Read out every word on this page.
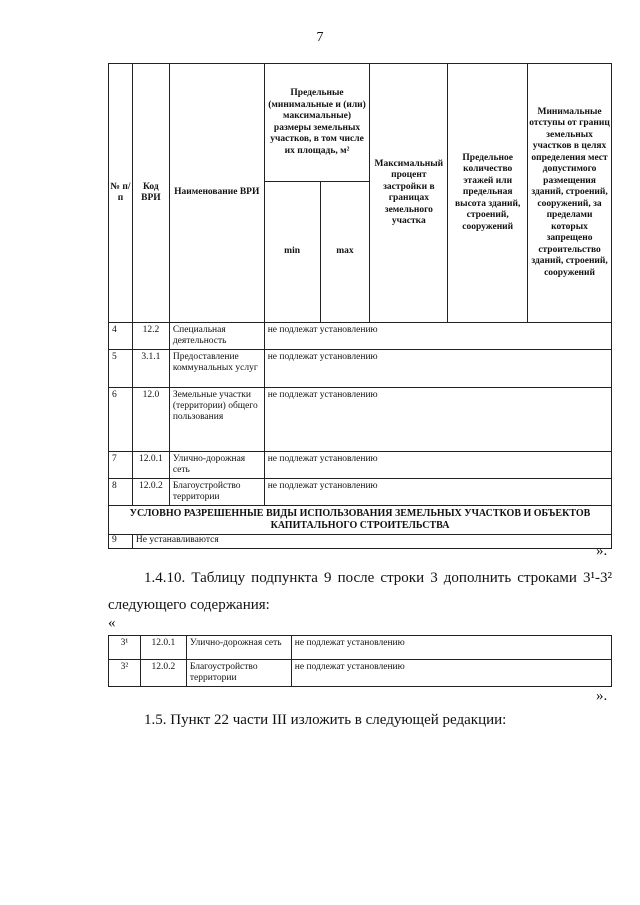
7
№ п/п	Код ВРИ	Наименование ВРИ	Предельные (минимальные и (или) максимальные) размеры земельных участков, в том числе их площадь, м²		Максимальный процент застройки в границах земельного участка	Предельное количество этажей или предельная высота зданий, строений, сооружений	Минимальные отступы от границ земельных участков в целях определения мест допустимого размещения зданий, строений, сооружений, за пределами которых запрещено строительство зданий, строений, сооружений
			min	max			
4	12.2	Специальная деятельность	не подлежат установлению				
5	3.1.1	Предоставление коммунальных услуг	не подлежат установлению				
6	12.0	Земельные участки (территории) общего пользования	не подлежат установлению				
7	12.0.1	Улично-дорожная сеть	не подлежат установлению				
8	12.0.2	Благоустройство территории	не подлежат установлению				
УСЛОВНО РАЗРЕШЕННЫЕ ВИДЫ ИСПОЛЬЗОВАНИЯ ЗЕМЕЛЬНЫХ УЧАСТКОВ И ОБЪЕКТОВ КАПИТАЛЬНОГО СТРОИТЕЛЬСТВА							
9	Не устанавливаются						
».
1.4.10. Таблицу подпункта 9 после строки 3 дополнить строками 3¹-3² следующего содержания:
«
3¹	12.0.1	Улично-дорожная сеть	не подлежат установлению
3²	12.0.2	Благоустройство территории	не подлежат установлению
».
1.5. Пункт 22 части III изложить в следующей редакции:
